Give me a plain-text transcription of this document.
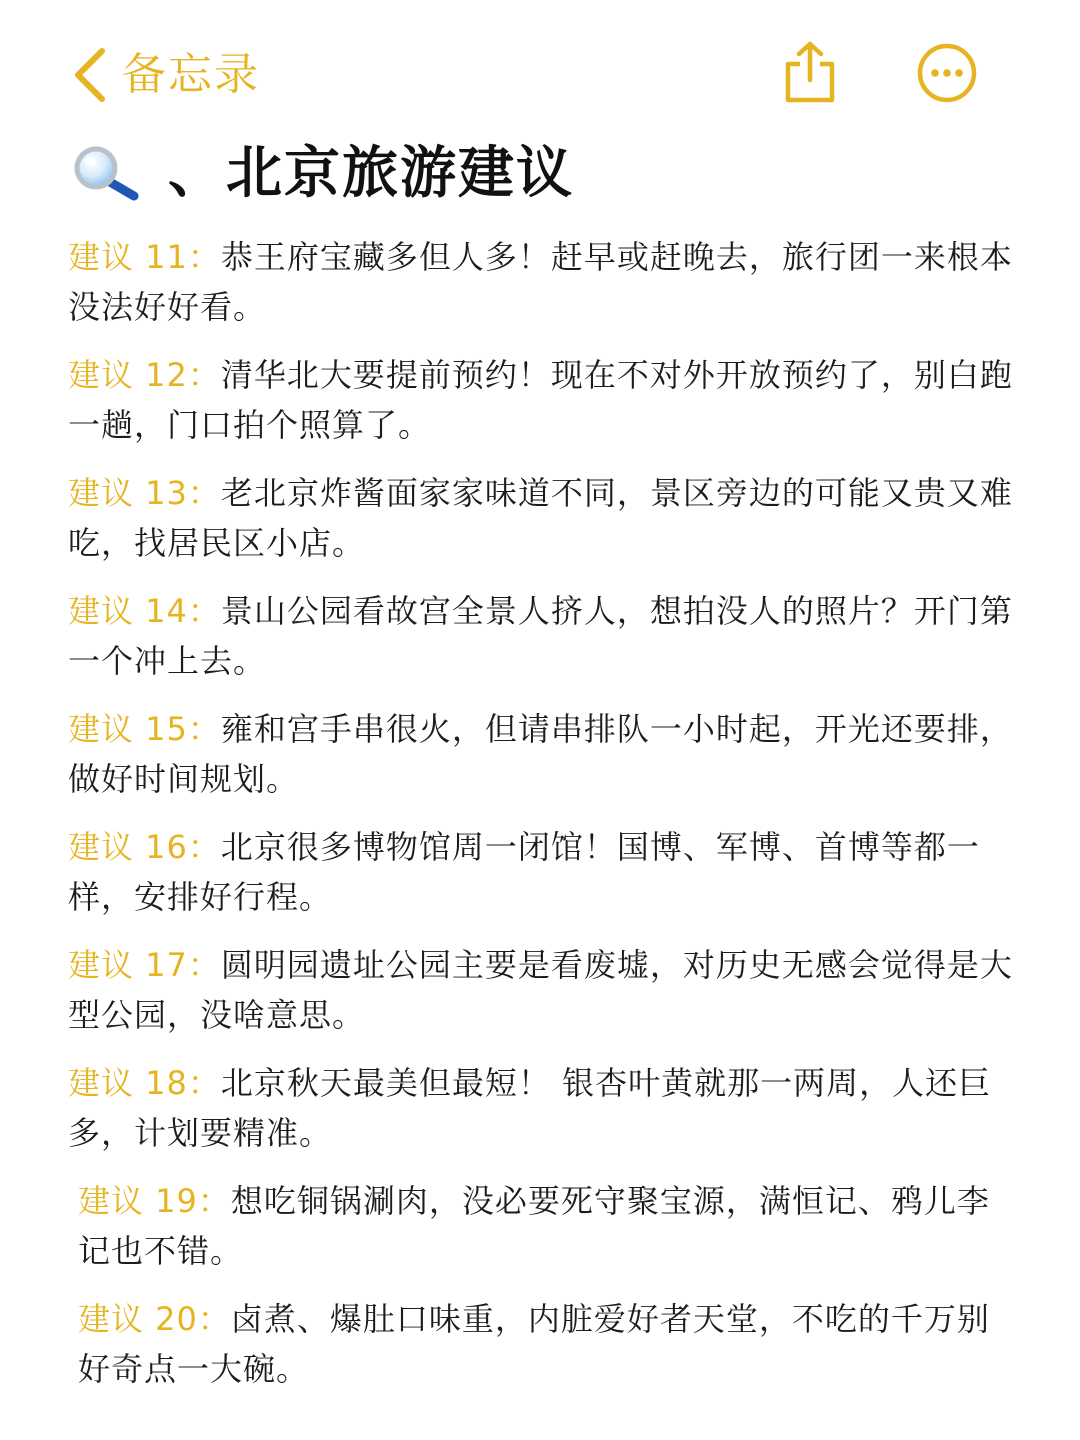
备忘录
、北京旅游建议
建议 11：恭王府宝藏多但人多！赶早或赶晚去，旅行团一来根本没法好好看。
建议 12：清华北大要提前预约！现在不对外开放预约了，别白跑一趟，门口拍个照算了。
建议 13：老北京炸酱面家家味道不同，景区旁边的可能又贵又难吃，找居民区小店。
建议 14：景山公园看故宫全景人挤人，想拍没人的照片？开门第一个冲上去。
建议 15：雍和宫手串很火，但请串排队一小时起，开光还要排，做好时间规划。
建议 16：北京很多博物馆周一闭馆！国博、军博、首博等都一样，安排好行程。
建议 17：圆明园遗址公园主要是看废墟，对历史无感会觉得是大型公园，没啥意思。
建议 18：北京秋天最美但最短！ 银杏叶黄就那一两周，人还巨多，计划要精准。
建议 19：想吃铜锅涮肉，没必要死守聚宝源，满恒记、鸦儿李记也不错。
建议 20：卤煮、爆肚口味重，内脏爱好者天堂，不吃的千万别好奇点一大碗。
